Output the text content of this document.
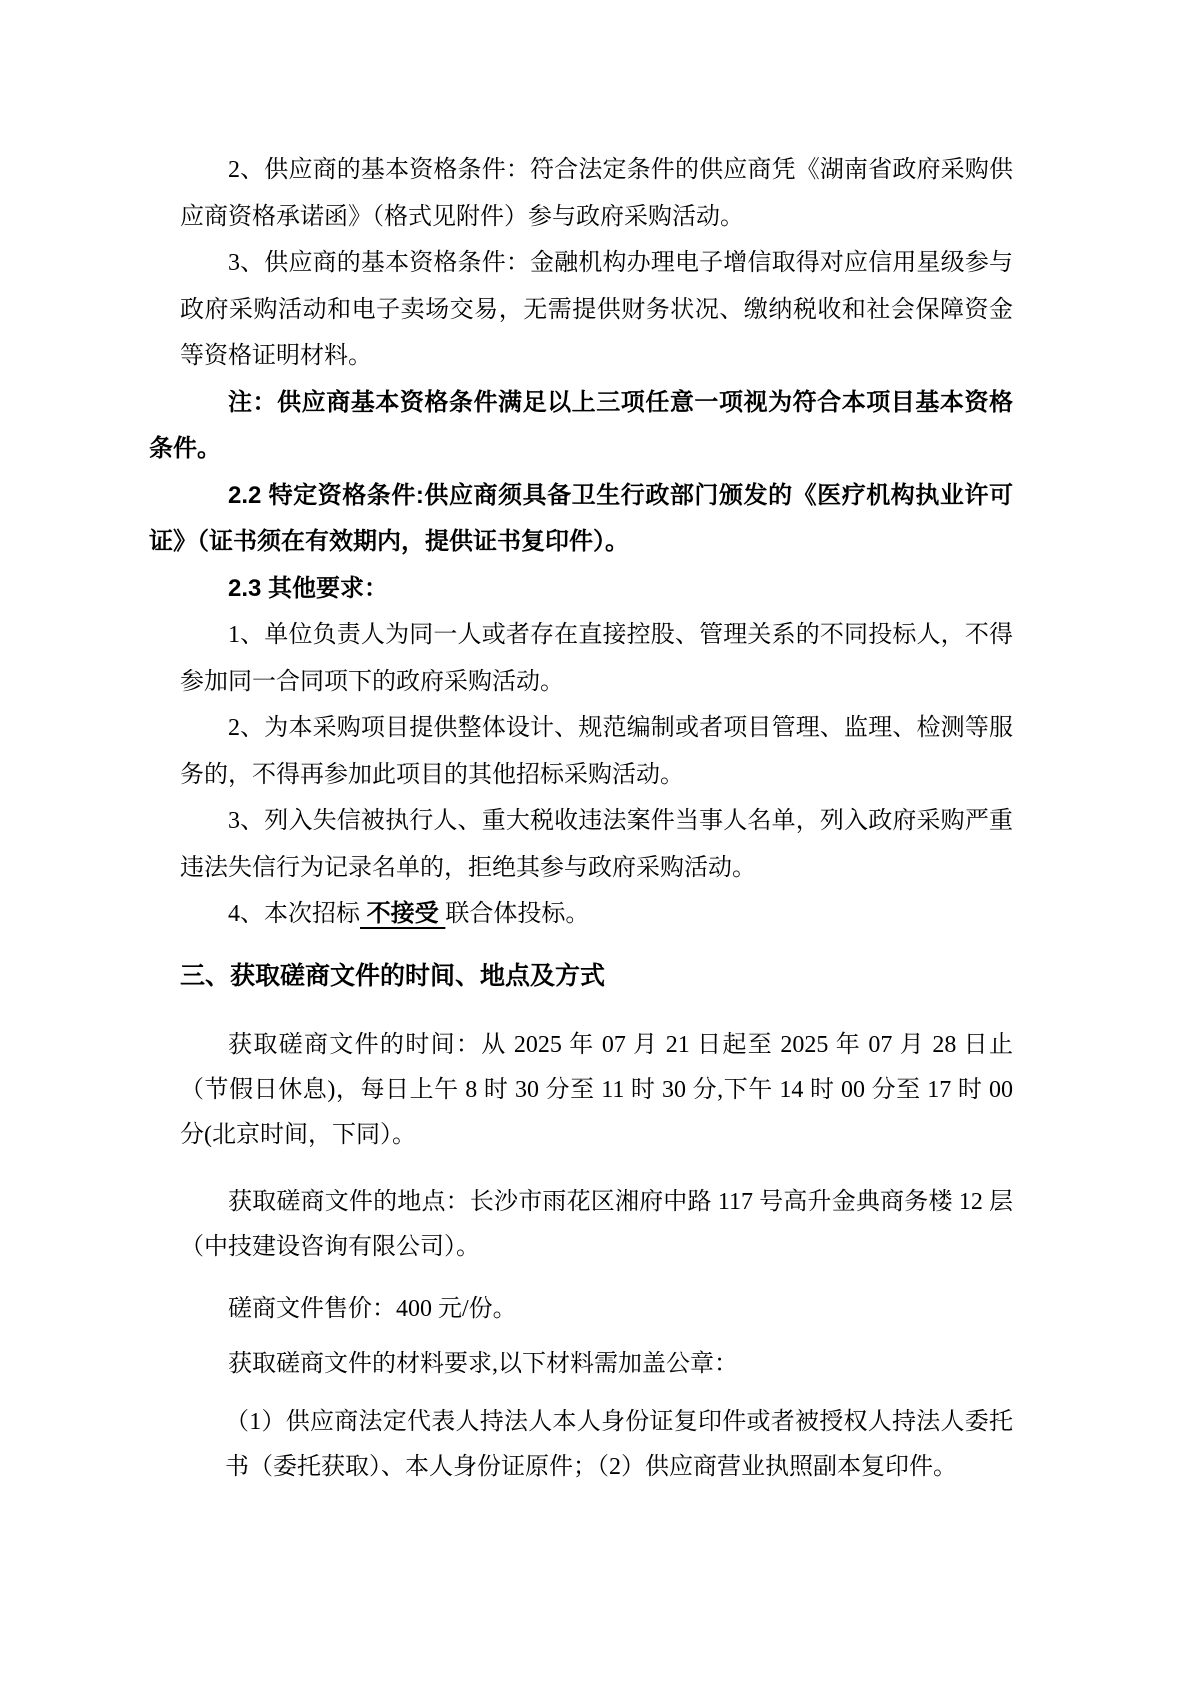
2、供应商的基本资格条件：符合法定条件的供应商凭《湖南省政府采购供应商资格承诺函》（格式见附件）参与政府采购活动。

3、供应商的基本资格条件：金融机构办理电子增信取得对应信用星级参与政府采购活动和电子卖场交易，无需提供财务状况、缴纳税收和社会保障资金等资格证明材料。

注：供应商基本资格条件满足以上三项任意一项视为符合本项目基本资格条件。

2.2 特定资格条件:供应商须具备卫生行政部门颁发的《医疗机构执业许可证》（证书须在有效期内，提供证书复印件）。

2.3 其他要求：

1、单位负责人为同一人或者存在直接控股、管理关系的不同投标人，不得参加同一合同项下的政府采购活动。

2、为本采购项目提供整体设计、规范编制或者项目管理、监理、检测等服务的，不得再参加此项目的其他招标采购活动。

3、列入失信被执行人、重大税收违法案件当事人名单，列入政府采购严重违法失信行为记录名单的，拒绝其参与政府采购活动。

4、本次招标 不接受 联合体投标。

三、获取磋商文件的时间、地点及方式

获取磋商文件的时间：从 2025 年 07 月 21 日起至 2025 年 07 月 28 日止（节假日休息)，每日上午 8 时 30 分至 11 时 30 分,下午 14 时 00 分至 17 时 00 分(北京时间，下同）。

获取磋商文件的地点：长沙市雨花区湘府中路 117 号高升金典商务楼 12 层（中技建设咨询有限公司）。

磋商文件售价：400 元/份。

获取磋商文件的材料要求,以下材料需加盖公章：

（1）供应商法定代表人持法人本人身份证复印件或者被授权人持法人委托书（委托获取）、本人身份证原件；（2）供应商营业执照副本复印件。
